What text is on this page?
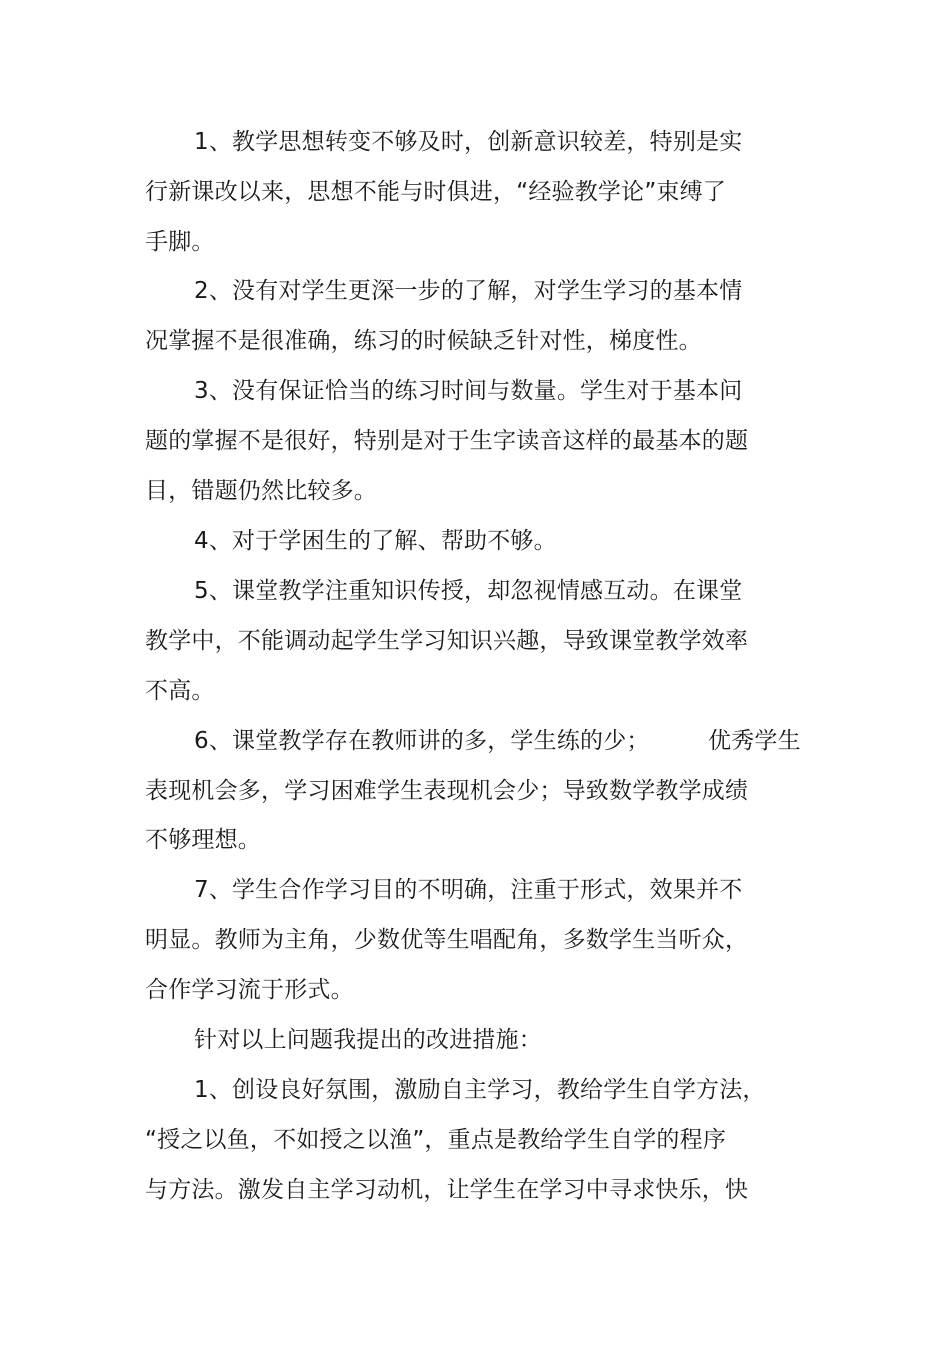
1、教学思想转变不够及时，创新意识较差，特别是实
行新课改以来，思想不能与时俱进，“经验教学论”束缚了
手脚。
2、没有对学生更深一步的了解，对学生学习的基本情
况掌握不是很准确，练习的时候缺乏针对性，梯度性。
3、没有保证恰当的练习时间与数量。学生对于基本问
题的掌握不是很好，特别是对于生字读音这样的最基本的题
目，错题仍然比较多。
4、对于学困生的了解、帮助不够。
5、课堂教学注重知识传授，却忽视情感互动。在课堂
教学中，不能调动起学生学习知识兴趣，导致课堂教学效率
不高。
6、课堂教学存在教师讲的多，学生练的少；	优秀学生
表现机会多，学习困难学生表现机会少；导致数学教学成绩
不够理想。
7、学生合作学习目的不明确，注重于形式，效果并不
明显。教师为主角，少数优等生唱配角，多数学生当听众，
合作学习流于形式。
针对以上问题我提出的改进措施：
1、创设良好氛围，激励自主学习，教给学生自学方法，
“授之以鱼，不如授之以渔”，重点是教给学生自学的程序
与方法。激发自主学习动机，让学生在学习中寻求快乐，快
